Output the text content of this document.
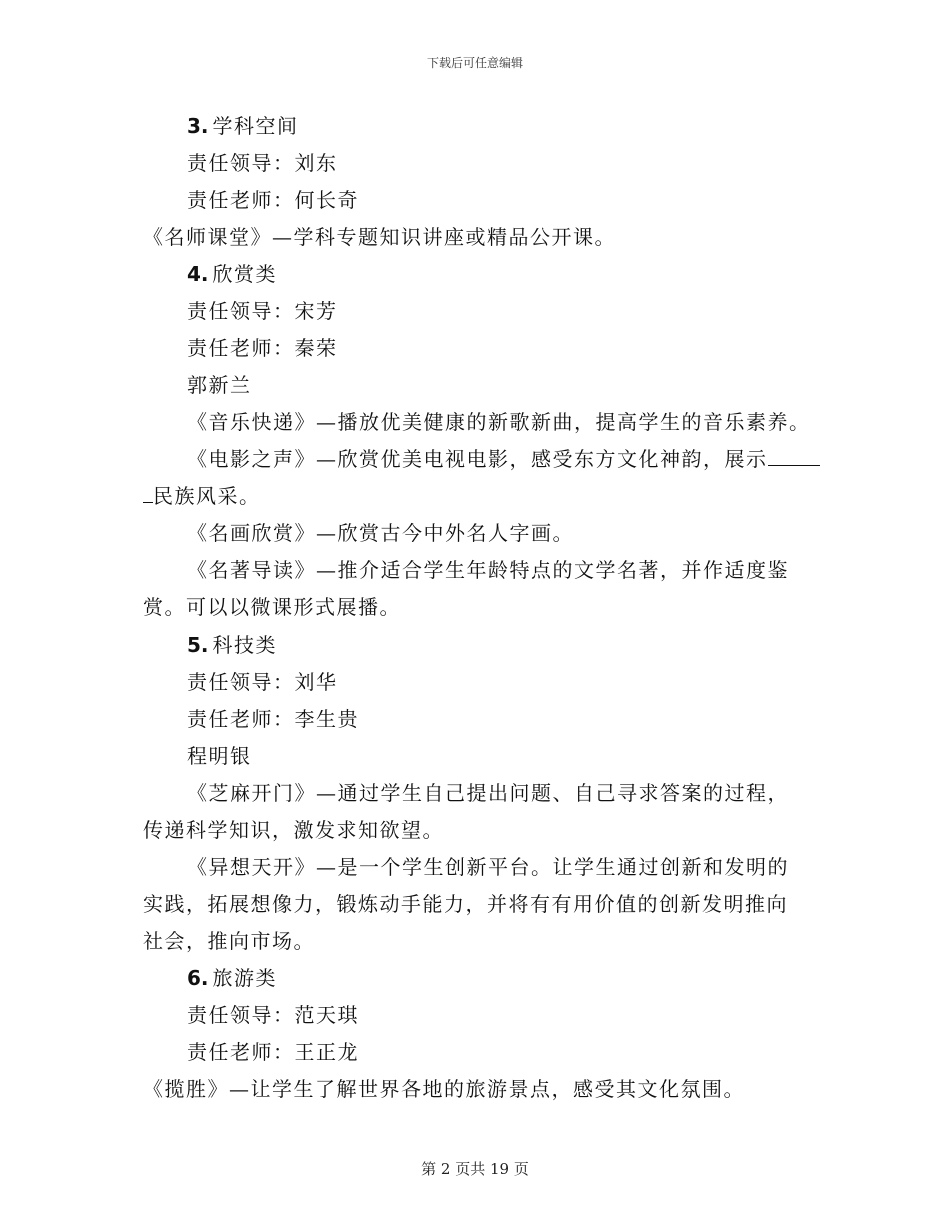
下载后可任意编辑
3. 学科空间
责任领导：刘东
责任老师：何长奇
《名师课堂》—学科专题知识讲座或精品公开课。
4. 欣赏类
责任领导：宋芳
责任老师：秦荣
郭新兰
《音乐快递》—播放优美健康的新歌新曲，提高学生的音乐素养。
《电影之声》—欣赏优美电视电影，感受东方文化神韵，展示
民族风采。
《名画欣赏》—欣赏古今中外名人字画。
《名著导读》—推介适合学生年龄特点的文学名著，并作适度鉴
赏。可以以微课形式展播。
5. 科技类
责任领导：刘华
责任老师：李生贵
程明银
《芝麻开门》—通过学生自己提出问题、自己寻求答案的过程，
传递科学知识，激发求知欲望。
《异想天开》—是一个学生创新平台。让学生通过创新和发明的
实践，拓展想像力，锻炼动手能力，并将有有用价值的创新发明推向
社会，推向市场。
6. 旅游类
责任领导：范天琪
责任老师：王正龙
《揽胜》—让学生了解世界各地的旅游景点，感受其文化氛围。
第 2 页共 19 页
